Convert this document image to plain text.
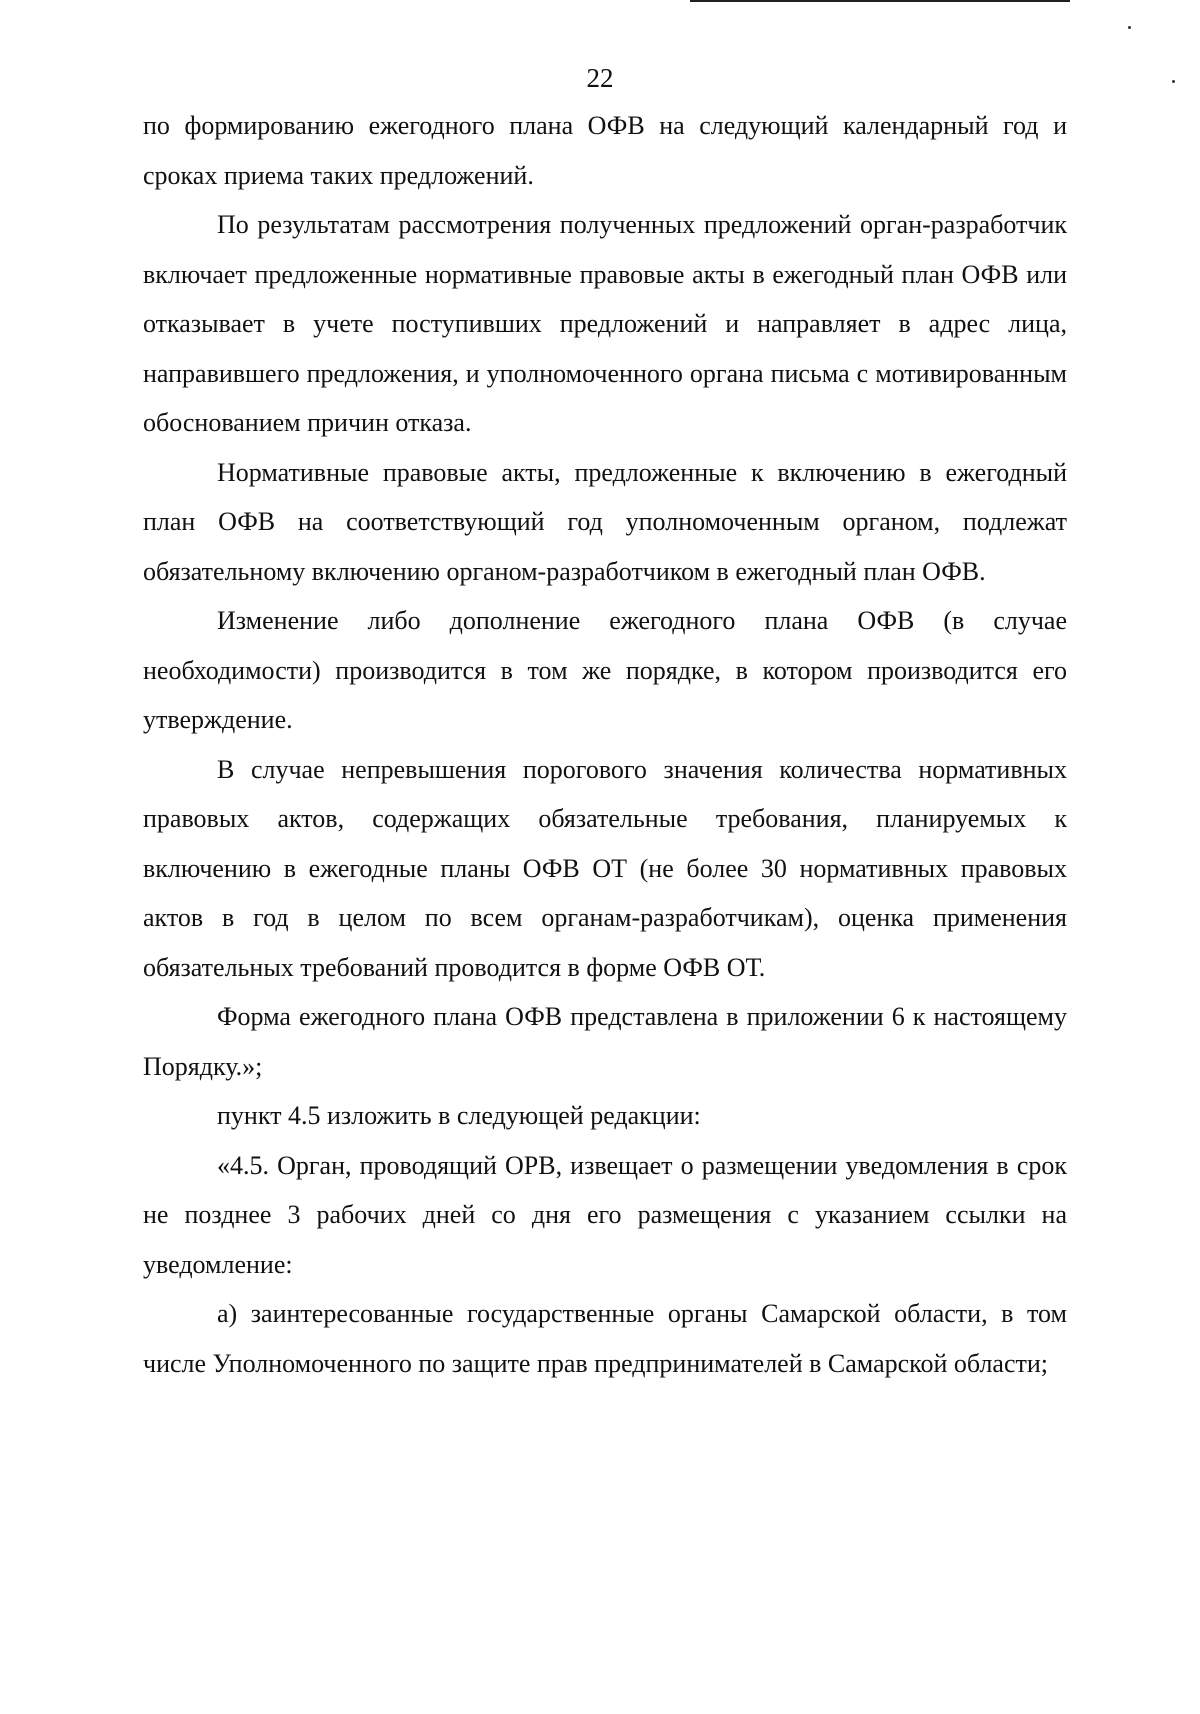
22

по формированию ежегодного плана ОФВ на следующий календарный год и сроках приема таких предложений.

По результатам рассмотрения полученных предложений орган-разработчик включает предложенные нормативные правовые акты в ежегодный план ОФВ или отказывает в учете поступивших предложений и направляет в адрес лица, направившего предложения, и уполномоченного органа письма с мотивированным обоснованием причин отказа.

Нормативные правовые акты, предложенные к включению в ежегодный план ОФВ на соответствующий год уполномоченным органом, подлежат обязательному включению органом-разработчиком в ежегодный план ОФВ.

Изменение либо дополнение ежегодного плана ОФВ (в случае необходимости) производится в том же порядке, в котором производится его утверждение.

В случае непревышения порогового значения количества нормативных правовых актов, содержащих обязательные требования, планируемых к включению в ежегодные планы ОФВ ОТ (не более 30 нормативных правовых актов в год в целом по всем органам-разработчикам), оценка применения обязательных требований проводится в форме ОФВ ОТ.

Форма ежегодного плана ОФВ представлена в приложении 6 к настоящему Порядку.»;

пункт 4.5 изложить в следующей редакции:

«4.5. Орган, проводящий ОРВ, извещает о размещении уведомления в срок не позднее 3 рабочих дней со дня его размещения с указанием ссылки на уведомление:

а) заинтересованные государственные органы Самарской области, в том числе Уполномоченного по защите прав предпринимателей в Самарской области;
